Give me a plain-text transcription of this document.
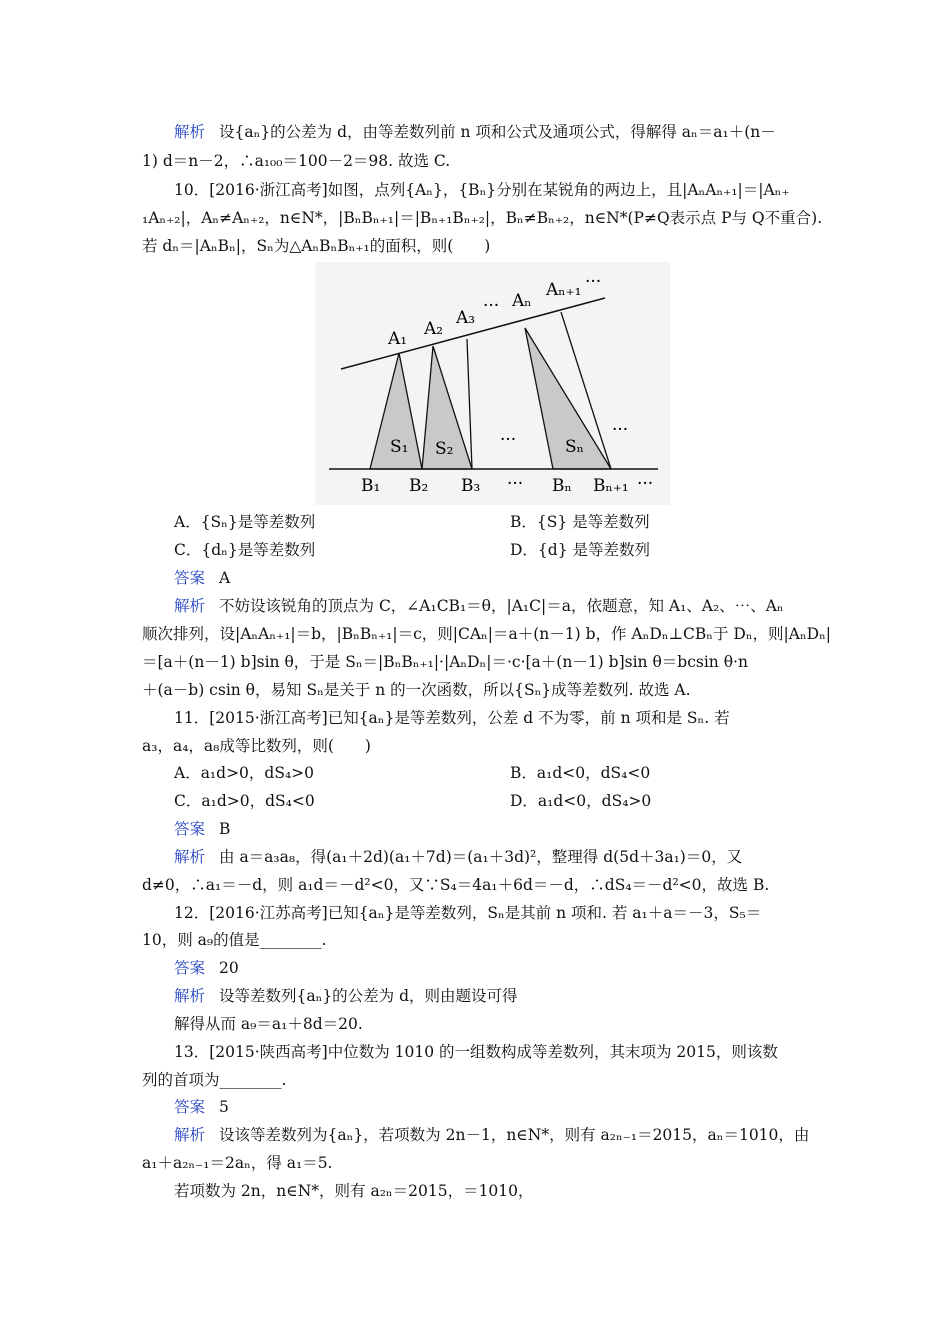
解析 设{aₙ}的公差为 d，由等差数列前 n 项和公式及通项公式，得解得 aₙ＝a₁＋(n－
1) d＝n－2，∴a₁₀₀＝100－2＝98. 故选 C.
10．[2016·浙江高考]如图，点列{Aₙ}，{Bₙ}分别在某锐角的两边上，且|AₙAₙ₊₁|＝|Aₙ₊
₁Aₙ₊₂|，Aₙ≠Aₙ₊₂，n∈N*，|BₙBₙ₊₁|＝|Bₙ₊₁Bₙ₊₂|，Bₙ≠Bₙ₊₂，n∈N*(P≠Q表示点 P与 Q不重合).
若 dₙ＝|AₙBₙ|，Sₙ为△AₙBₙBₙ₊₁的面积，则(　　)
A₁ A₂
A₃
··· Aₙ
Aₙ₊₁ ···
S₁ S₂	···	Sₙ
···
B₁ B₂ B₃ ··· Bₙ Bₙ₊₁ ···
A．{Sₙ}是等差数列	B．{S} 是等差数列
C．{dₙ}是等差数列	D．{d} 是等差数列
答案 A
解析 不妨设该锐角的顶点为 C，∠A₁CB₁＝θ，|A₁C|＝a，依题意，知 A₁、A₂、⋯、Aₙ
顺次排列，设|AₙAₙ₊₁|＝b，|BₙBₙ₊₁|＝c，则|CAₙ|＝a＋(n－1) b，作 AₙDₙ⊥CBₙ于 Dₙ，则|AₙDₙ|
＝[a＋(n－1) b]sin θ，于是 Sₙ＝|BₙBₙ₊₁|·|AₙDₙ|＝·c·[a＋(n－1) b]sin θ＝bcsin θ·n
＋(a－b) csin θ，易知 Sₙ是关于 n 的一次函数，所以{Sₙ}成等差数列. 故选 A.
11．[2015·浙江高考]已知{aₙ}是等差数列，公差 d 不为零，前 n 项和是 Sₙ. 若
a₃，a₄，a₈成等比数列，则(　　)
A．a₁d>0，dS₄>0	B．a₁d<0，dS₄<0
C．a₁d>0，dS₄<0	D．a₁d<0，dS₄>0
答案 B
解析 由 a＝a₃a₈，得(a₁＋2d)(a₁＋7d)＝(a₁＋3d)²，整理得 d(5d＋3a₁)＝0，又
d≠0，∴a₁＝－d，则 a₁d＝－d²<0，又∵S₄＝4a₁＋6d＝－d，∴dS₄＝－d²<0，故选 B.
12．[2016·江苏高考]已知{aₙ}是等差数列，Sₙ是其前 n 项和. 若 a₁＋a＝－3，S₅＝
10，则 a₉的值是________.
答案 20
解析 设等差数列{aₙ}的公差为 d，则由题设可得
解得从而 a₉＝a₁＋8d＝20.
13．[2015·陕西高考]中位数为 1010 的一组数构成等差数列，其末项为 2015，则该数
列的首项为________.
答案 5
解析 设该等差数列为{aₙ}，若项数为 2n－1，n∈N*，则有 a₂ₙ₋₁＝2015，aₙ＝1010，由
a₁＋a₂ₙ₋₁＝2aₙ，得 a₁＝5.
若项数为 2n，n∈N*，则有 a₂ₙ＝2015，＝1010，
